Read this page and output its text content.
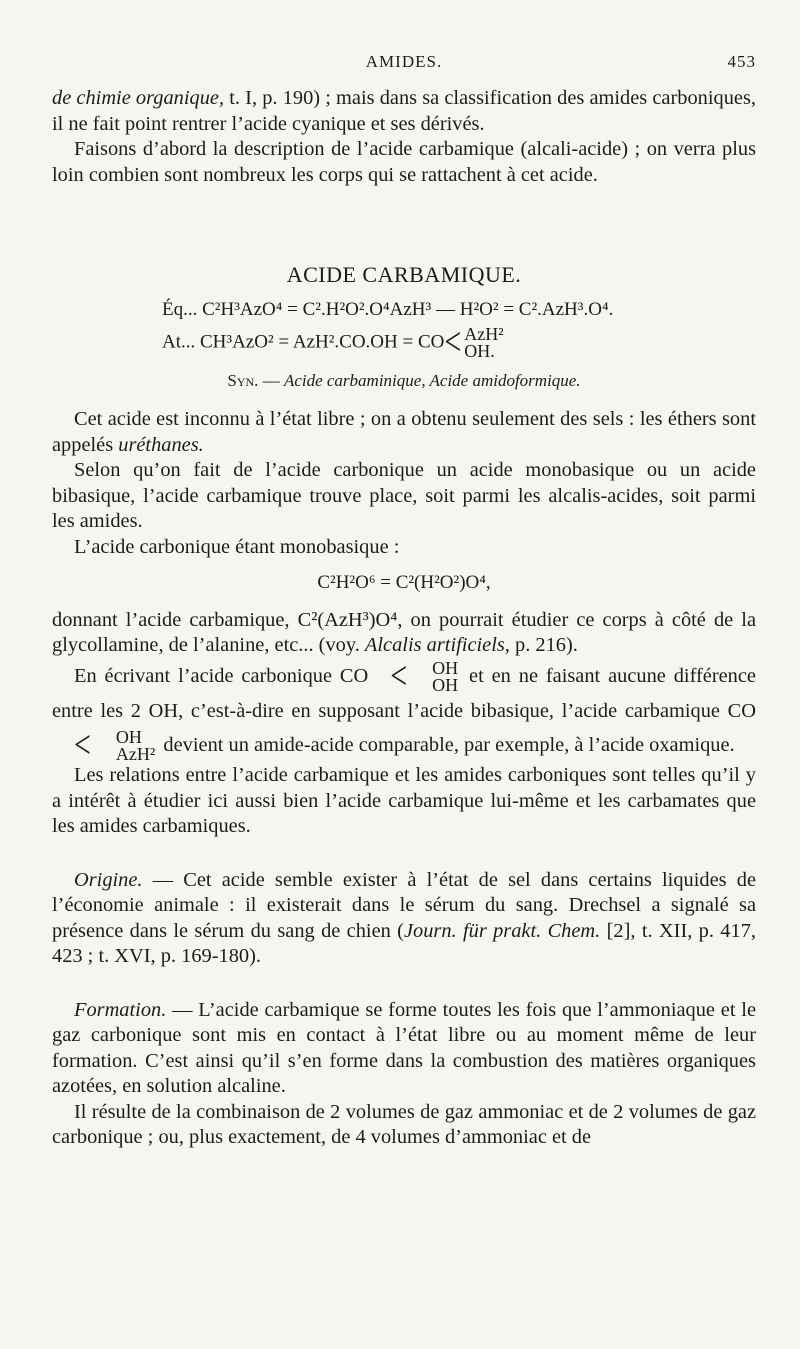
AMIDES.	453

de chimie organique, t. I, p. 190) ; mais dans sa classification des amides carboniques, il ne fait point rentrer l’acide cyanique et ses dérivés.

Faisons d’abord la description de l’acide carbamique (alcali-acide) ; on verra plus loin combien sont nombreux les corps qui se rattachent à cet acide.

ACIDE CARBAMIQUE.
Éq... C²H³AzO⁴ = C².H²O².O⁴AzH³ — H²O² = C².AzH³.O⁴.
At... CH³AzO² = AzH².CO.OH = CO< AzH²
OH.
Syn. — Acide carbaminique, Acide amidoformique.

Cet acide est inconnu à l’état libre ; on a obtenu seulement des sels : les éthers sont appelés uréthanes.

Selon qu’on fait de l’acide carbonique un acide monobasique ou un acide bibasique, l’acide carbamique trouve place, soit parmi les alcalis-acides, soit parmi les amides.

L’acide carbonique étant monobasique :

C²H²O⁶ = C²(H²O²)O⁴,

donnant l’acide carbamique, C²(AzH³)O⁴, on pourrait étudier ce corps à côté de la glycollamine, de l’alanine, etc... (voy. Alcalis artificiels, p. 216).

En écrivant l’acide carbonique CO <	OH
OH et en ne faisant aucune différence entre les 2 OH, c’est-à-dire en supposant l’acide bibasique, l’acide carbamique CO<	OH
AzH² devient un amide-acide comparable, par exemple, à l’acide oxamique.

Les relations entre l’acide carbamique et les amides carboniques sont telles qu’il y a intérêt à étudier ici aussi bien l’acide carbamique lui-même et les carbamates que les amides carbamiques.

Origine. — Cet acide semble exister à l’état de sel dans certains liquides de l’économie animale : il existerait dans le sérum du sang. Drechsel a signalé sa présence dans le sérum du sang de chien (Journ. für prakt. Chem. [2], t. XII, p. 417, 423 ; t. XVI, p. 169-180).

Formation. — L’acide carbamique se forme toutes les fois que l’ammoniaque et le gaz carbonique sont mis en contact à l’état libre ou au moment même de leur formation. C’est ainsi qu’il s’en forme dans la combustion des matières organiques azotées, en solution alcaline.

Il résulte de la combinaison de 2 volumes de gaz ammoniac et de 2 volumes de gaz carbonique ; ou, plus exactement, de 4 volumes d’ammoniac et de
